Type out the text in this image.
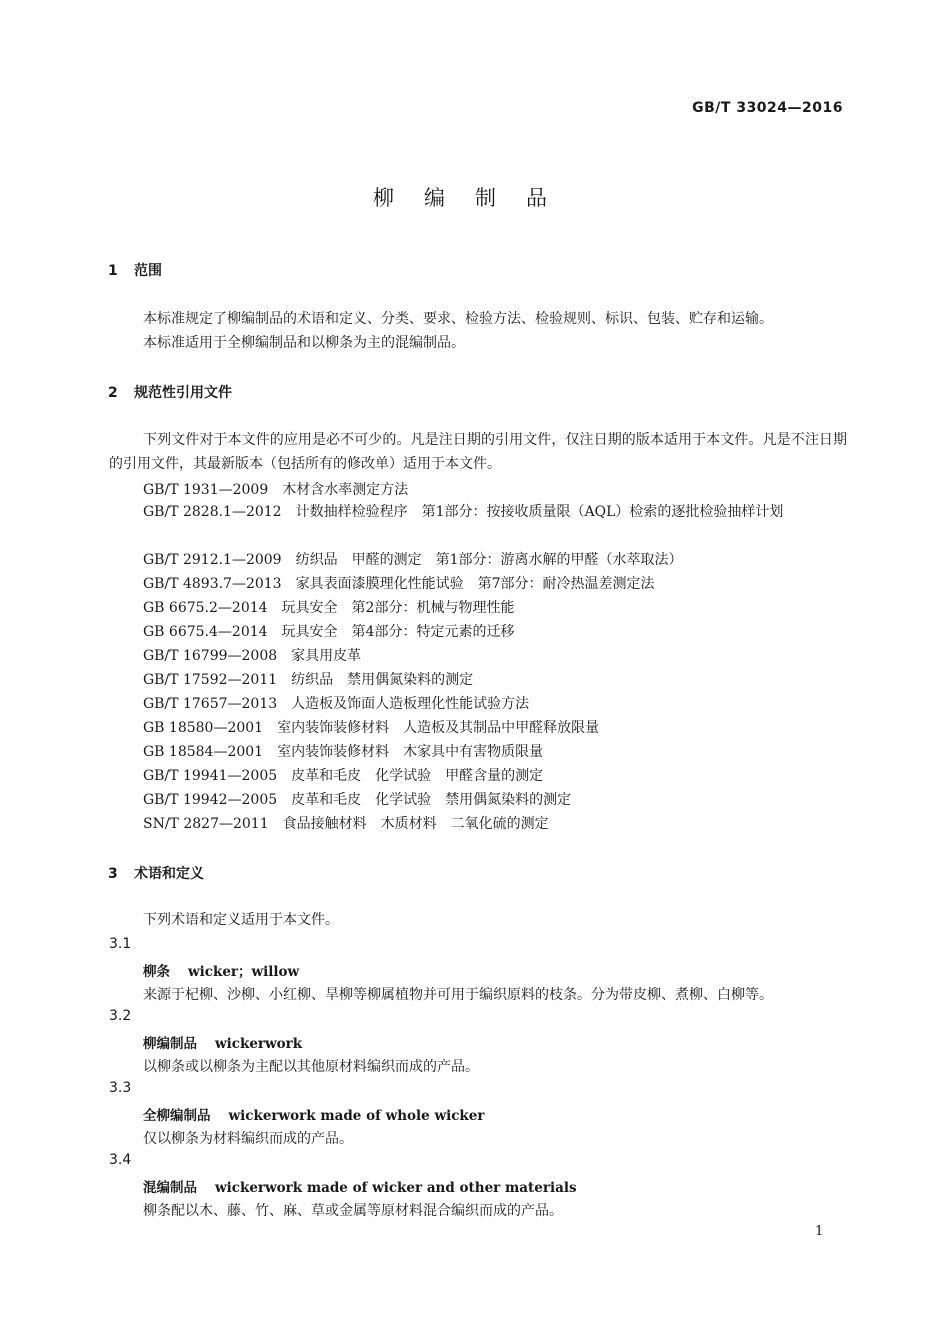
GB/T 33024—2016
柳编制品
1 范围
本标准规定了柳编制品的术语和定义、分类、要求、检验方法、检验规则、标识、包装、贮存和运输。
本标准适用于全柳编制品和以柳条为主的混编制品。
2 规范性引用文件
下列文件对于本文件的应用是必不可少的。凡是注日期的引用文件，仅注日期的版本适用于本文件。凡是不注日期的引用文件，其最新版本（包括所有的修改单）适用于本文件。
GB/T 1931—2009　木材含水率测定方法
GB/T 2828.1—2012　计数抽样检验程序　第1部分：按接收质量限（AQL）检索的逐批检验抽样计划
GB/T 2912.1—2009　纺织品　甲醛的测定　第1部分：游离水解的甲醛（水萃取法）
GB/T 4893.7—2013　家具表面漆膜理化性能试验　第7部分：耐冷热温差测定法
GB 6675.2—2014　玩具安全　第2部分：机械与物理性能
GB 6675.4—2014　玩具安全　第4部分：特定元素的迁移
GB/T 16799—2008　家具用皮革
GB/T 17592—2011　纺织品　禁用偶氮染料的测定
GB/T 17657—2013　人造板及饰面人造板理化性能试验方法
GB 18580—2001　室内装饰装修材料　人造板及其制品中甲醛释放限量
GB 18584—2001　室内装饰装修材料　木家具中有害物质限量
GB/T 19941—2005　皮革和毛皮　化学试验　甲醛含量的测定
GB/T 19942—2005　皮革和毛皮　化学试验　禁用偶氮染料的测定
SN/T 2827—2011　食品接触材料　木质材料　二氧化硫的测定
3 术语和定义
下列术语和定义适用于本文件。
3.1
柳条 wicker；willow
来源于杞柳、沙柳、小红柳、旱柳等柳属植物并可用于编织原料的枝条。分为带皮柳、煮柳、白柳等。
3.2
柳编制品 wickerwork
以柳条或以柳条为主配以其他原材料编织而成的产品。
3.3
全柳编制品 wickerwork made of whole wicker
仅以柳条为材料编织而成的产品。
3.4
混编制品 wickerwork made of wicker and other materials
柳条配以木、藤、竹、麻、草或金属等原材料混合编织而成的产品。
1
